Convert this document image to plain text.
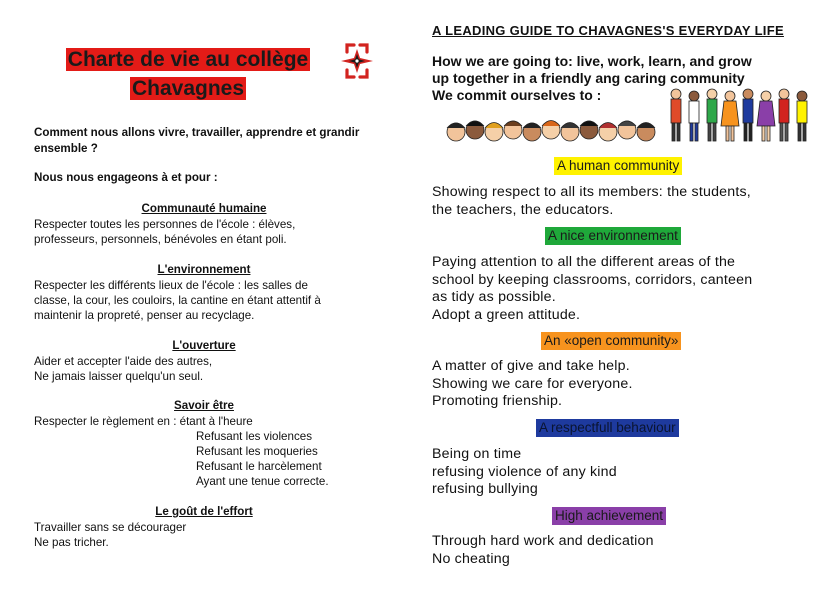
Charte de vie au collège
Chavagnes
Comment nous allons vivre, travailler, apprendre et grandir ensemble ?
Nous nous engageons à et pour :
Communauté humaine
Respecter toutes les personnes de l'école : élèves,
professeurs, personnels, bénévoles en étant poli.
L'environnement
Respecter les différents lieux de l'école : les salles de
classe, la cour, les couloirs, la cantine en étant attentif à
maintenir la propreté, penser au recyclage.
L'ouverture
Aider et accepter l'aide des autres,
Ne jamais laisser quelqu'un seul.
Savoir être
Respecter le règlement en : étant à l'heure
Refusant les violences
Refusant les moqueries
Refusant le harcèlement
Ayant une tenue correcte.
Le goût de l'effort
Travailler sans se décourager
Ne pas tricher.
A LEADING GUIDE TO CHAVAGNES'S EVERYDAY LIFE
How we are going to: live, work, learn, and grow
up together in a friendly ang caring community
We commit ourselves to :
A human community
Showing respect to all its members: the students,
the teachers, the educators.
A nice environnement
Paying attention to all the different areas of the
school by keeping classrooms, corridors, canteen
as tidy as possible.
Adopt a green attitude.
An «open community»
A matter of give and take help.
Showing we care for everyone.
Promoting frienship.
A respectfull behaviour
Being on time
refusing violence of any kind
refusing bullying
High achievement
Through hard work and dedication
No cheating
